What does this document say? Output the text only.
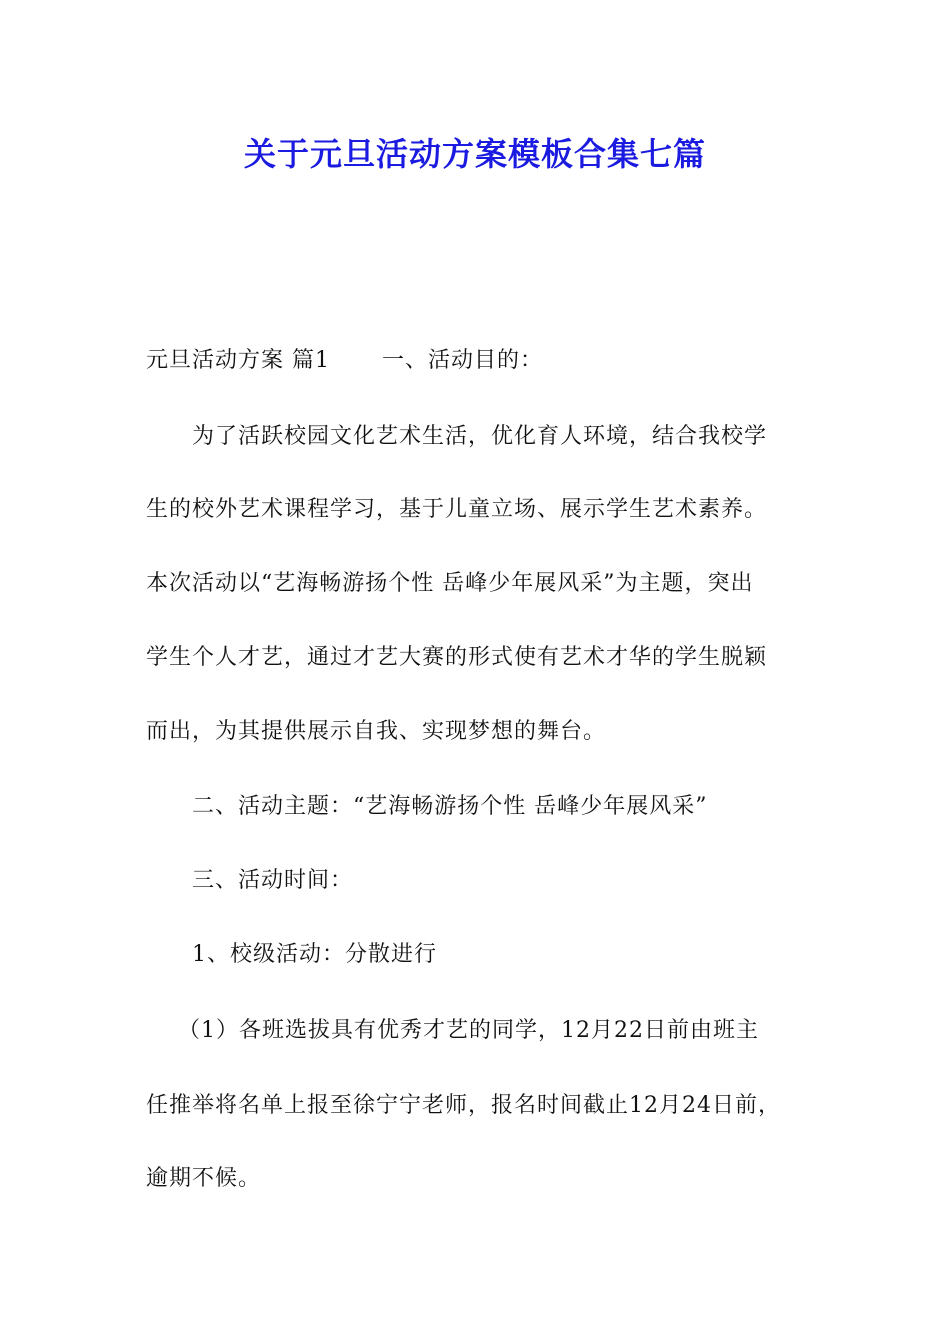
关于元旦活动方案模板合集七篇
元旦活动方案 篇1 一、活动目的：
为了活跃校园文化艺术生活，优化育人环境，结合我校学
生的校外艺术课程学习，基于儿童立场、展示学生艺术素养。
本次活动以“艺海畅游扬个性 岳峰少年展风采”为主题，突出
学生个人才艺，通过才艺大赛的形式使有艺术才华的学生脱颖
而出，为其提供展示自我、实现梦想的舞台。
二、活动主题：“艺海畅游扬个性 岳峰少年展风采”
三、活动时间：
1、校级活动：分散进行
（1）各班选拔具有优秀才艺的同学，12月22日前由班主
任推举将名单上报至徐宁宁老师，报名时间截止12月24日前，
逾期不候。
